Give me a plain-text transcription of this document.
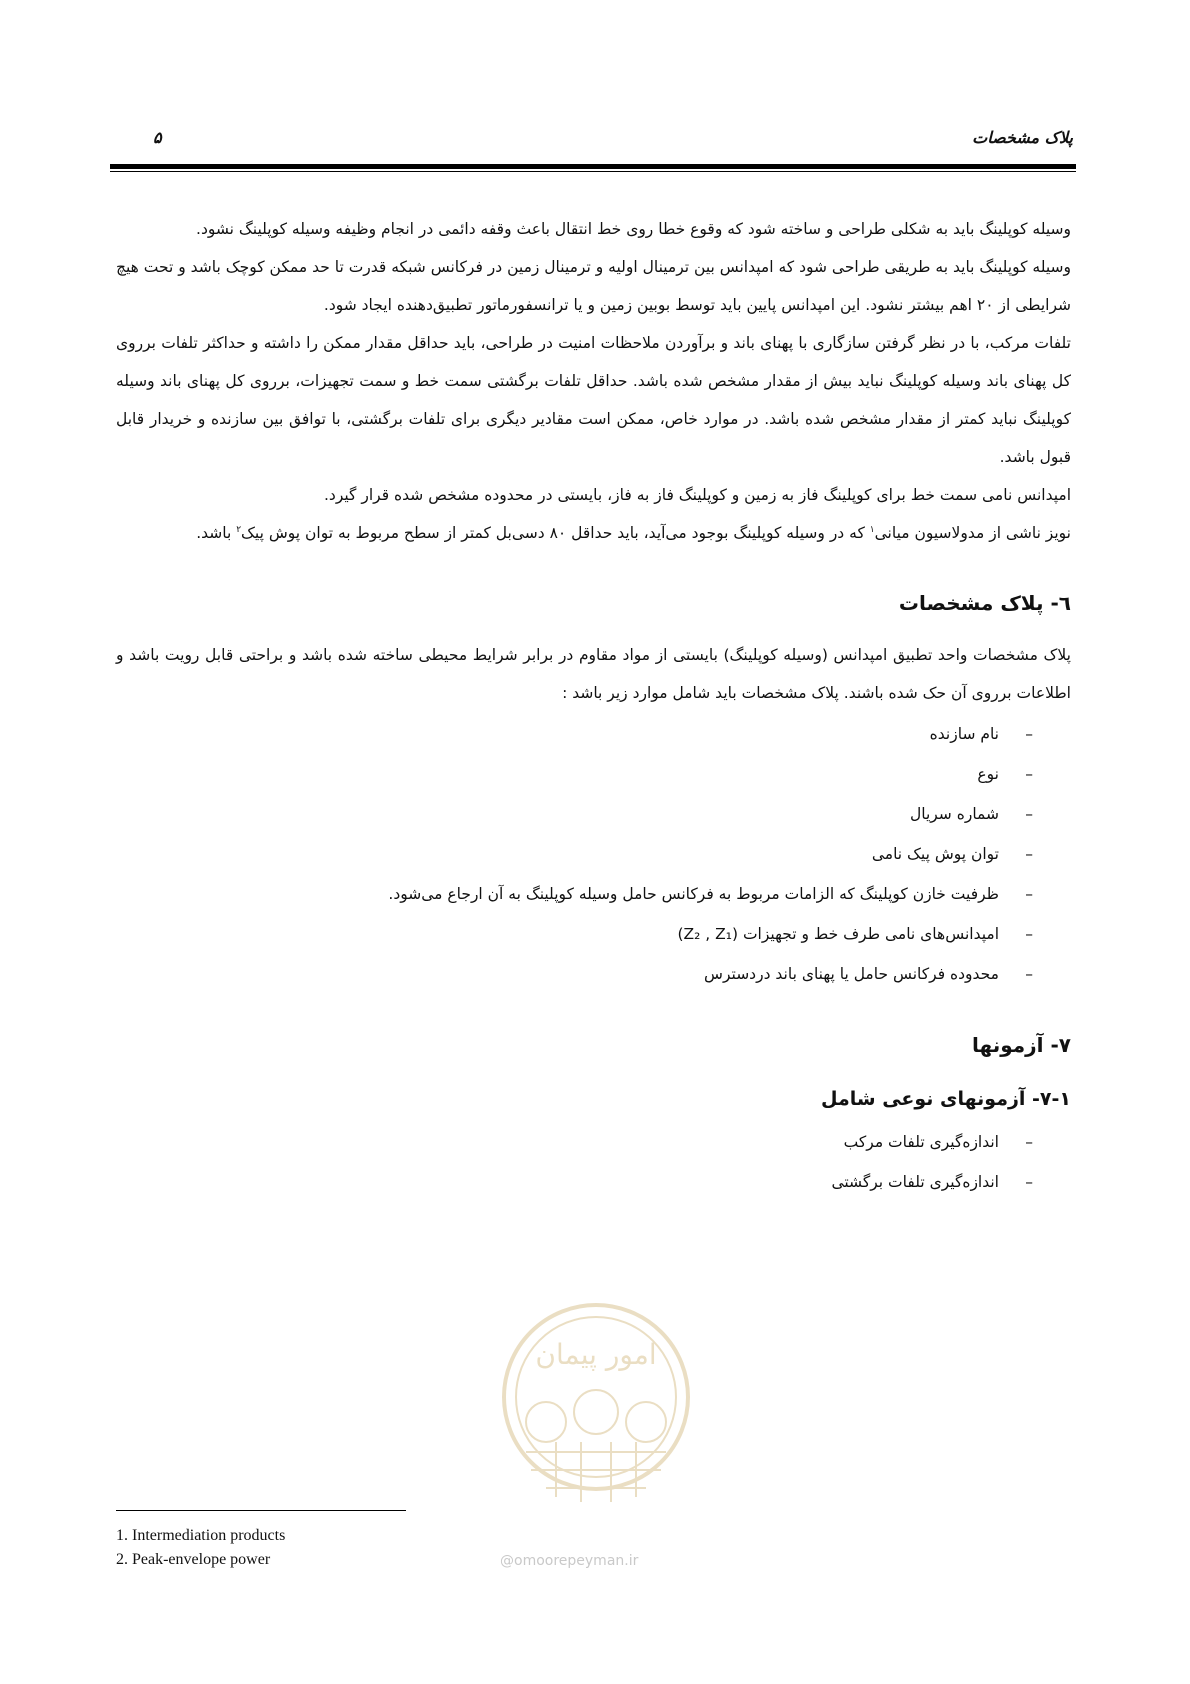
پلاک مشخصات
۵

وسیله کوپلینگ باید به شکلی طراحی و ساخته شود که وقوع خطا روی خط انتقال باعث وقفه دائمی در انجام وظیفه وسیله کوپلینگ نشود.

وسیله کوپلینگ باید به طریقی طراحی شود که امپدانس بین ترمینال اولیه و ترمینال زمین در فرکانس شبکه قدرت تا حد ممکن کوچک باشد و تحت هیچ شرایطی از ۲۰ اهم بیشتر نشود. این امپدانس پایین باید توسط بوبین زمین و یا ترانسفورماتور تطبیق‌دهنده ایجاد شود.

تلفات مرکب، با در نظر گرفتن سازگاری با پهنای باند و برآوردن ملاحظات امنیت در طراحی، باید حداقل مقدار ممکن را داشته و حداکثر تلفات برروی کل پهنای باند وسیله کوپلینگ نباید بیش از مقدار مشخص شده باشد. حداقل تلفات برگشتی سمت خط و سمت تجهیزات، برروی کل پهنای باند وسیله کوپلینگ نباید کمتر از مقدار مشخص شده باشد. در موارد خاص، ممکن است مقادیر دیگری برای تلفات برگشتی، با توافق بین سازنده و خریدار قابل قبول باشد.

امپدانس نامی سمت خط برای کوپلینگ فاز به زمین و کوپلینگ فاز به فاز، بایستی در محدوده مشخص شده قرار گیرد.

نویز ناشی از مدولاسیون میانی$^۱$ که در وسیله کوپلینگ بوجود می‌آید، باید حداقل ۸۰ دسی‌بل کمتر از سطح مربوط به توان پوش پیک$^۲$ باشد.

٦- پلاک مشخصات

پلاک مشخصات واحد تطبیق امپدانس (وسیله کوپلینگ) بایستی از مواد مقاوم در برابر شرایط محیطی ساخته شده باشد و براحتی قابل رویت باشد و اطلاعات برروی آن حک شده باشند. پلاک مشخصات باید شامل موارد زیر باشد :

–نام سازنده
–نوع
–شماره سریال
–توان پوش پیک نامی
–ظرفیت خازن کوپلینگ که الزامات مربوط به فرکانس حامل وسیله کوپلینگ به آن ارجاع می‌شود.
–امپدانس‌های نامی طرف خط و تجهیزات (Z₂ , Z₁)
–محدوده فرکانس حامل یا پهنای باند دردسترس
۷- آزمونها
۷-۱- آزمونهای نوعی شامل
–اندازه‌گیری تلفات مرکب
–اندازه‌گیری تلفات برگشتی
امور پیمان
@omoorepeyman.ir
1. Intermediation products
2. Peak-envelope power
